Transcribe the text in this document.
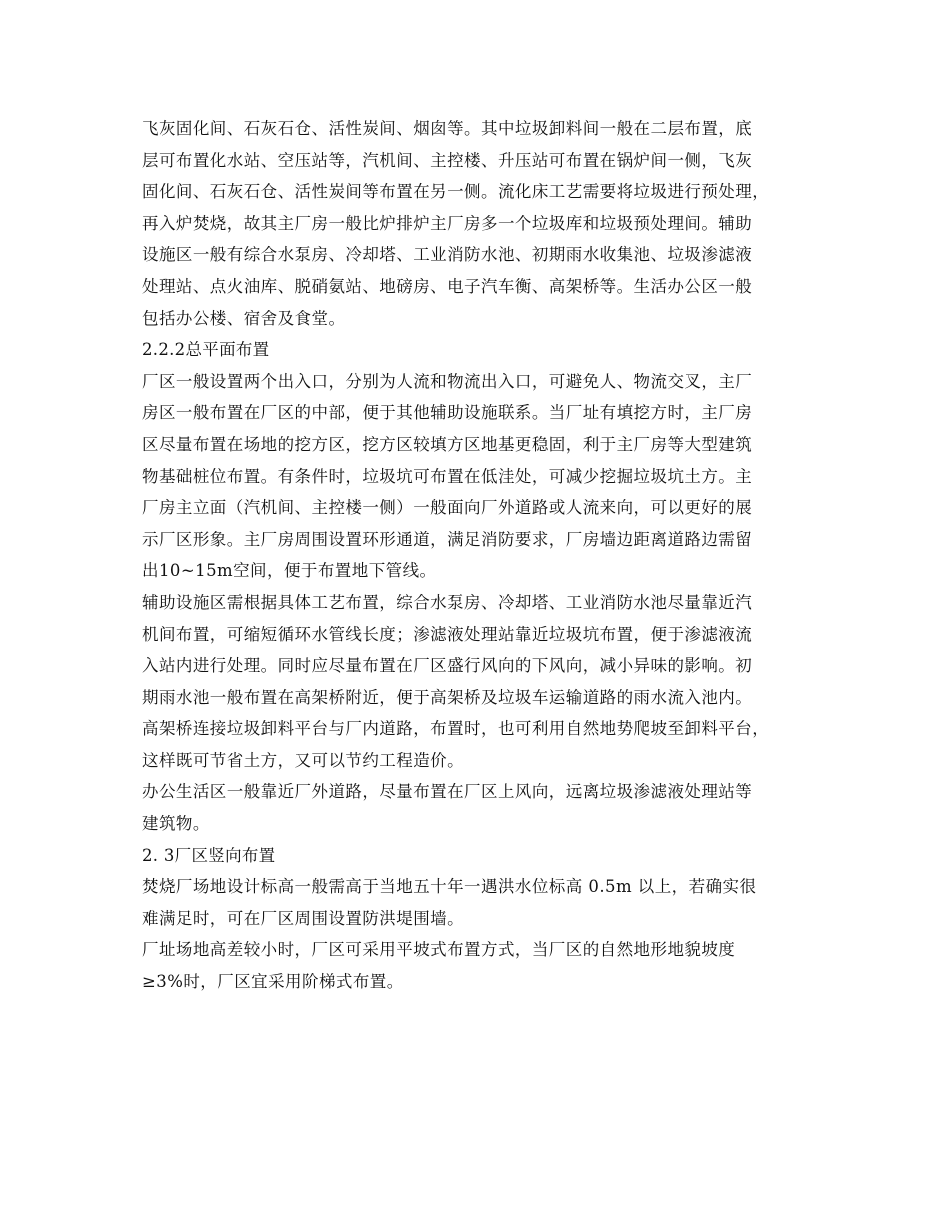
飞灰固化间、石灰石仓、活性炭间、烟囱等。其中垃圾卸料间一般在二层布置，底
层可布置化水站、空压站等，汽机间、主控楼、升压站可布置在锅炉间一侧，飞灰
固化间、石灰石仓、活性炭间等布置在另一侧。流化床工艺需要将垃圾进行预处理，
再入炉焚烧，故其主厂房一般比炉排炉主厂房多一个垃圾库和垃圾预处理间。辅助
设施区一般有综合水泵房、冷却塔、工业消防水池、初期雨水收集池、垃圾渗滤液
处理站、点火油库、脱硝氨站、地磅房、电子汽车衡、高架桥等。生活办公区一般
包括办公楼、宿舍及食堂。
2.2.2总平面布置
厂区一般设置两个出入口，分别为人流和物流出入口，可避免人、物流交叉，主厂
房区一般布置在厂区的中部，便于其他辅助设施联系。当厂址有填挖方时，主厂房
区尽量布置在场地的挖方区，挖方区较填方区地基更稳固，利于主厂房等大型建筑
物基础桩位布置。有条件时，垃圾坑可布置在低洼处，可减少挖掘垃圾坑土方。主
厂房主立面（汽机间、主控楼一侧）一般面向厂外道路或人流来向，可以更好的展
示厂区形象。主厂房周围设置环形通道，满足消防要求，厂房墙边距离道路边需留
出10~15m空间，便于布置地下管线。
辅助设施区需根据具体工艺布置，综合水泵房、冷却塔、工业消防水池尽量靠近汽
机间布置，可缩短循环水管线长度；渗滤液处理站靠近垃圾坑布置，便于渗滤液流
入站内进行处理。同时应尽量布置在厂区盛行风向的下风向，减小异味的影响。初
期雨水池一般布置在高架桥附近，便于高架桥及垃圾车运输道路的雨水流入池内。
高架桥连接垃圾卸料平台与厂内道路，布置时，也可利用自然地势爬坡至卸料平台，
这样既可节省土方，又可以节约工程造价。
办公生活区一般靠近厂外道路，尽量布置在厂区上风向，远离垃圾渗滤液处理站等
建筑物。
2. 3厂区竖向布置
焚烧厂场地设计标高一般需高于当地五十年一遇洪水位标高 0.5m 以上，若确实很
难满足时，可在厂区周围设置防洪堤围墙。
厂址场地高差较小时，厂区可采用平坡式布置方式，当厂区的自然地形地貌坡度
≥3%时，厂区宜采用阶梯式布置。
